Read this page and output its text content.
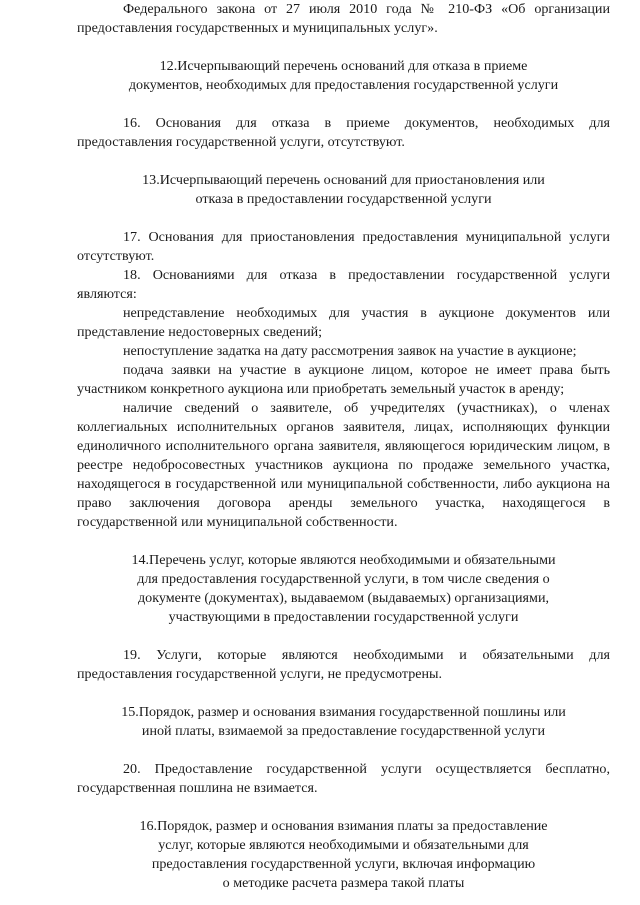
Федерального закона от 27 июля 2010 года № 210-ФЗ «Об организации предоставления государственных и муниципальных услуг».

12.Исчерпывающий перечень оснований для отказа в приеме
документов, необходимых для предоставления государственной услуги

16. Основания для отказа в приеме документов, необходимых для предоставления государственной услуги, отсутствуют.

13.Исчерпывающий перечень оснований для приостановления или
отказа в предоставлении государственной услуги

17. Основания для приостановления предоставления муниципальной услуги отсутствуют.

18. Основаниями для отказа в предоставлении государственной услуги являются:

непредставление необходимых для участия в аукционе документов или представление недостоверных сведений;

непоступление задатка на дату рассмотрения заявок на участие в аукционе;

подача заявки на участие в аукционе лицом, которое не имеет права быть участником конкретного аукциона или приобретать земельный участок в аренду;

наличие сведений о заявителе, об учредителях (участниках), о членах коллегиальных исполнительных органов заявителя, лицах, исполняющих функции единоличного исполнительного органа заявителя, являющегося юридическим лицом, в реестре недобросовестных участников аукциона по продаже земельного участка, находящегося в государственной или муниципальной собственности, либо аукциона на право заключения договора аренды земельного участка, находящегося в государственной или муниципальной собственности.

14.Перечень услуг, которые являются необходимыми и обязательными
для предоставления государственной услуги, в том числе сведения о
документе (документах), выдаваемом (выдаваемых) организациями,
участвующими в предоставлении государственной услуги

19. Услуги, которые являются необходимыми и обязательными для предоставления государственной услуги, не предусмотрены.

15.Порядок, размер и основания взимания государственной пошлины или
иной платы, взимаемой за предоставление государственной услуги

20. Предоставление государственной услуги осуществляется бесплатно, государственная пошлина не взимается.

16.Порядок, размер и основания взимания платы за предоставление
услуг, которые являются необходимыми и обязательными для
предоставления государственной услуги, включая информацию
о методике расчета размера такой платы
